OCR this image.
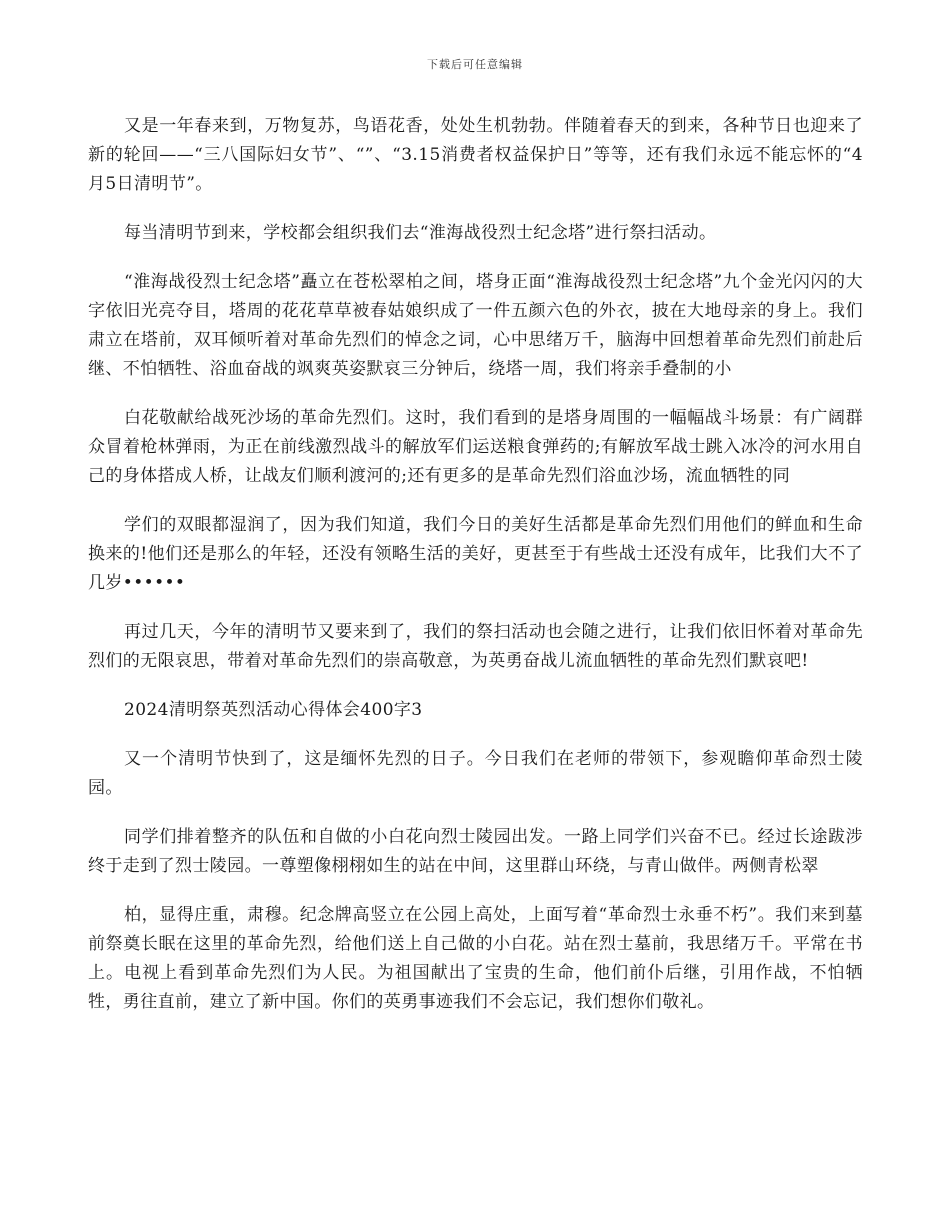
下载后可任意编辑

又是一年春来到，万物复苏，鸟语花香，处处生机勃勃。伴随着春天的到来，各种节日也迎来了新的轮回——“三八国际妇女节”、“”、“3.15消费者权益保护日”等等，还有我们永远不能忘怀的“4月5日清明节”。

每当清明节到来，学校都会组织我们去“淮海战役烈士纪念塔”进行祭扫活动。

“淮海战役烈士纪念塔”矗立在苍松翠柏之间，塔身正面“淮海战役烈士纪念塔”九个金光闪闪的大字依旧光亮夺目，塔周的花花草草被春姑娘织成了一件五颜六色的外衣，披在大地母亲的身上。我们肃立在塔前，双耳倾听着对革命先烈们的悼念之词，心中思绪万千，脑海中回想着革命先烈们前赴后继、不怕牺牲、浴血奋战的飒爽英姿默哀三分钟后，绕塔一周，我们将亲手叠制的小

白花敬献给战死沙场的革命先烈们。这时，我们看到的是塔身周围的一幅幅战斗场景：有广阔群众冒着枪林弹雨，为正在前线激烈战斗的解放军们运送粮食弹药的;有解放军战士跳入冰冷的河水用自己的身体搭成人桥，让战友们顺利渡河的;还有更多的是革命先烈们浴血沙场，流血牺牲的同

学们的双眼都湿润了，因为我们知道，我们今日的美好生活都是革命先烈们用他们的鲜血和生命换来的!他们还是那么的年轻，还没有领略生活的美好，更甚至于有些战士还没有成年，比我们大不了几岁••••••

再过几天，今年的清明节又要来到了，我们的祭扫活动也会随之进行，让我们依旧怀着对革命先烈们的无限哀思，带着对革命先烈们的崇高敬意，为英勇奋战儿流血牺牲的革命先烈们默哀吧!

2024清明祭英烈活动心得体会400字3

又一个清明节快到了，这是缅怀先烈的日子。今日我们在老师的带领下，参观瞻仰革命烈士陵园。

同学们排着整齐的队伍和自做的小白花向烈士陵园出发。一路上同学们兴奋不已。经过长途跋涉终于走到了烈士陵园。一尊塑像栩栩如生的站在中间，这里群山环绕，与青山做伴。两侧青松翠

柏，显得庄重，肃穆。纪念牌高竖立在公园上高处，上面写着“革命烈士永垂不朽”。我们来到墓前祭奠长眠在这里的革命先烈，给他们送上自己做的小白花。站在烈士墓前，我思绪万千。平常在书上。电视上看到革命先烈们为人民。为祖国献出了宝贵的生命，他们前仆后继，引用作战，不怕牺牲，勇往直前，建立了新中国。你们的英勇事迹我们不会忘记，我们想你们敬礼。
